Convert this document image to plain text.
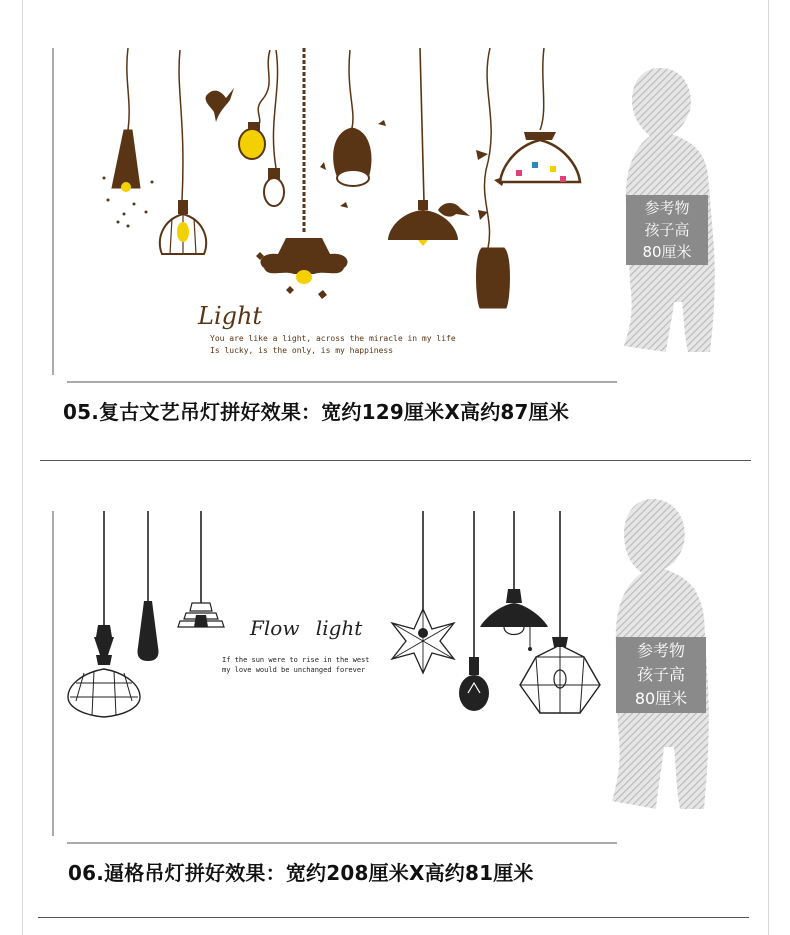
Light
You are like a light, across the miracle in my life
Is lucky, is the only, is my happiness
参考物
孩子高
80厘米
05.复古文艺吊灯拼好效果：宽约129厘米X高约87厘米
Flow light
If the sun were to rise in the west
my love would be unchanged forever
参考物
孩子高
80厘米
06.逼格吊灯拼好效果：宽约208厘米X高约81厘米
